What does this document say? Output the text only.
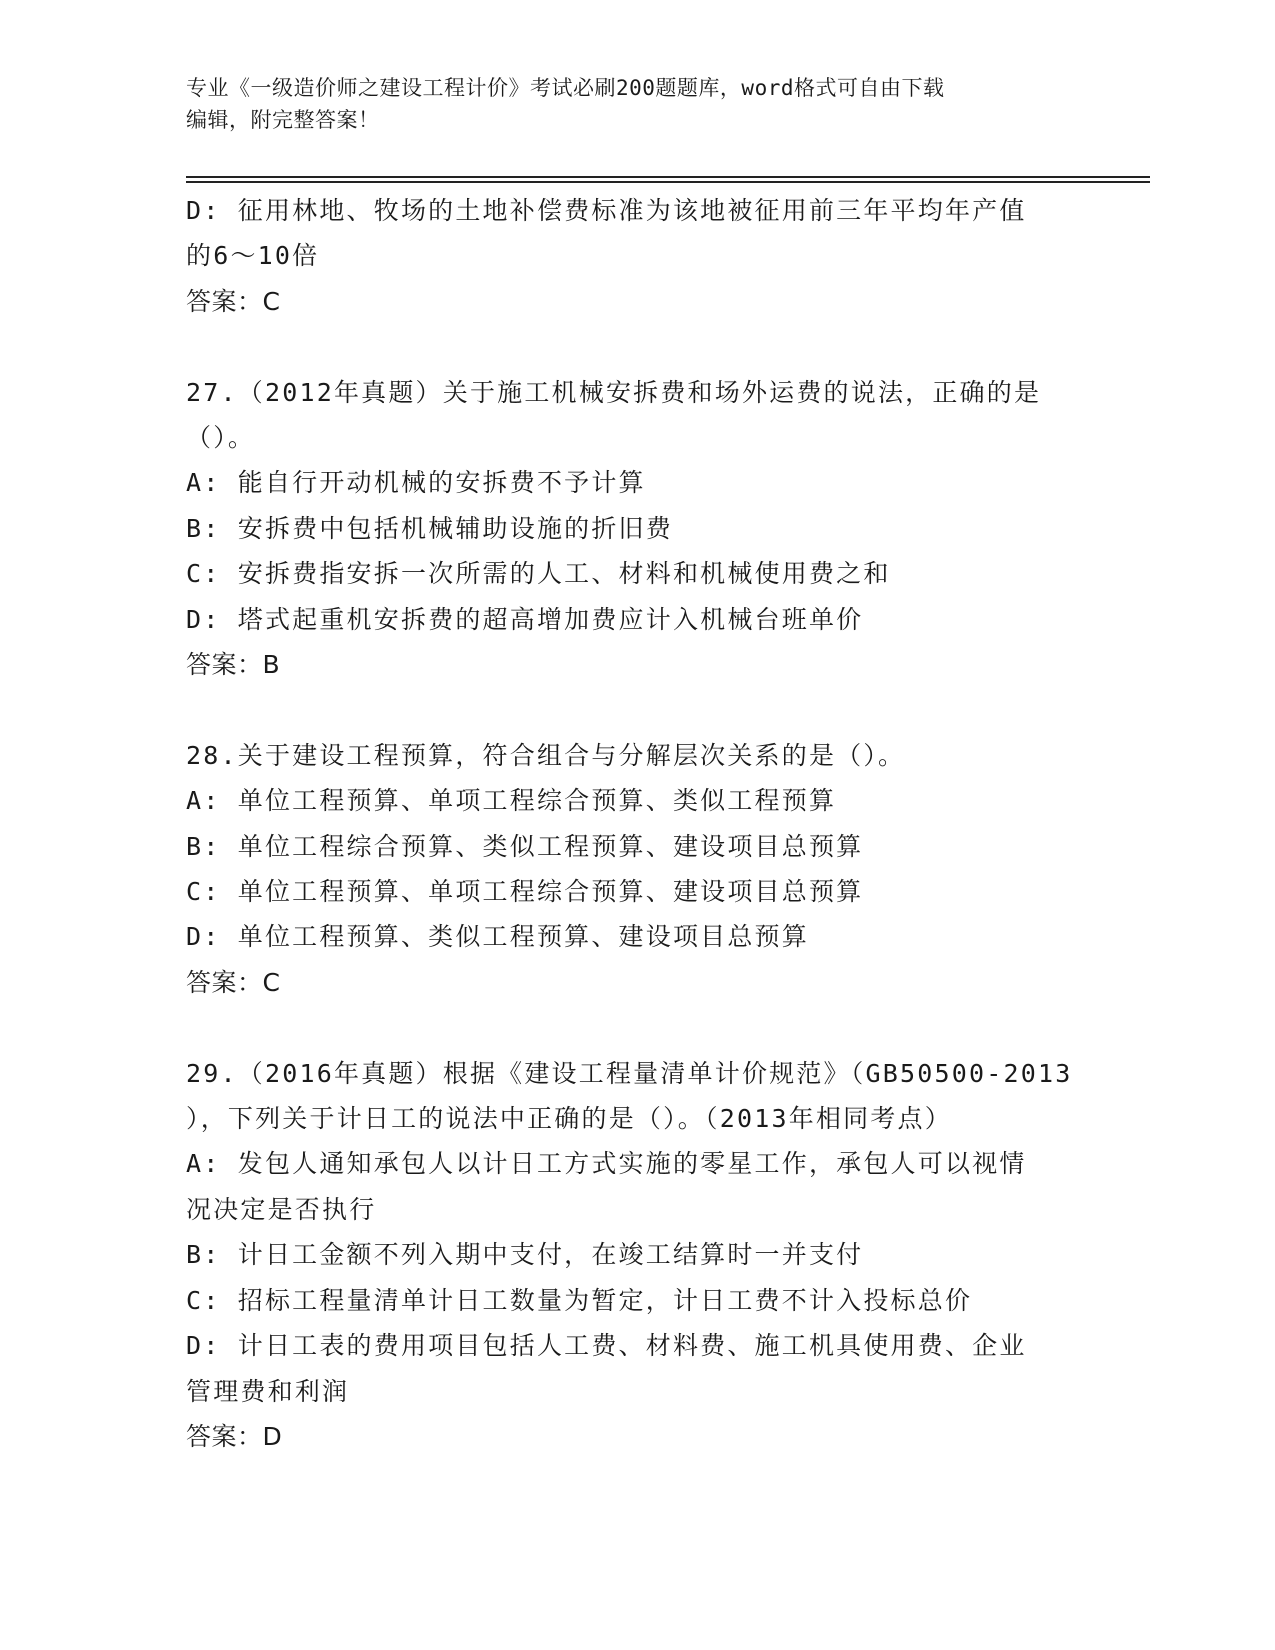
专业《一级造价师之建设工程计价》考试必刷200题题库，word格式可自由下载
编辑，附完整答案！
D: 征用林地、牧场的土地补偿费标准为该地被征用前三年平均年产值
的6～10倍
答案：C
27.（2012年真题）关于施工机械安拆费和场外运费的说法，正确的是
（）。
A: 能自行开动机械的安拆费不予计算
B: 安拆费中包括机械辅助设施的折旧费
C: 安拆费指安拆一次所需的人工、材料和机械使用费之和
D: 塔式起重机安拆费的超高增加费应计入机械台班单价
答案：B
28.关于建设工程预算，符合组合与分解层次关系的是（）。
A: 单位工程预算、单项工程综合预算、类似工程预算
B: 单位工程综合预算、类似工程预算、建设项目总预算
C: 单位工程预算、单项工程综合预算、建设项目总预算
D: 单位工程预算、类似工程预算、建设项目总预算
答案：C
29.（2016年真题）根据《建设工程量清单计价规范》（GB50500-2013
），下列关于计日工的说法中正确的是（）。（2013年相同考点）
A: 发包人通知承包人以计日工方式实施的零星工作，承包人可以视情
况决定是否执行
B: 计日工金额不列入期中支付，在竣工结算时一并支付
C: 招标工程量清单计日工数量为暂定，计日工费不计入投标总价
D: 计日工表的费用项目包括人工费、材料费、施工机具使用费、企业
管理费和利润
答案：D
